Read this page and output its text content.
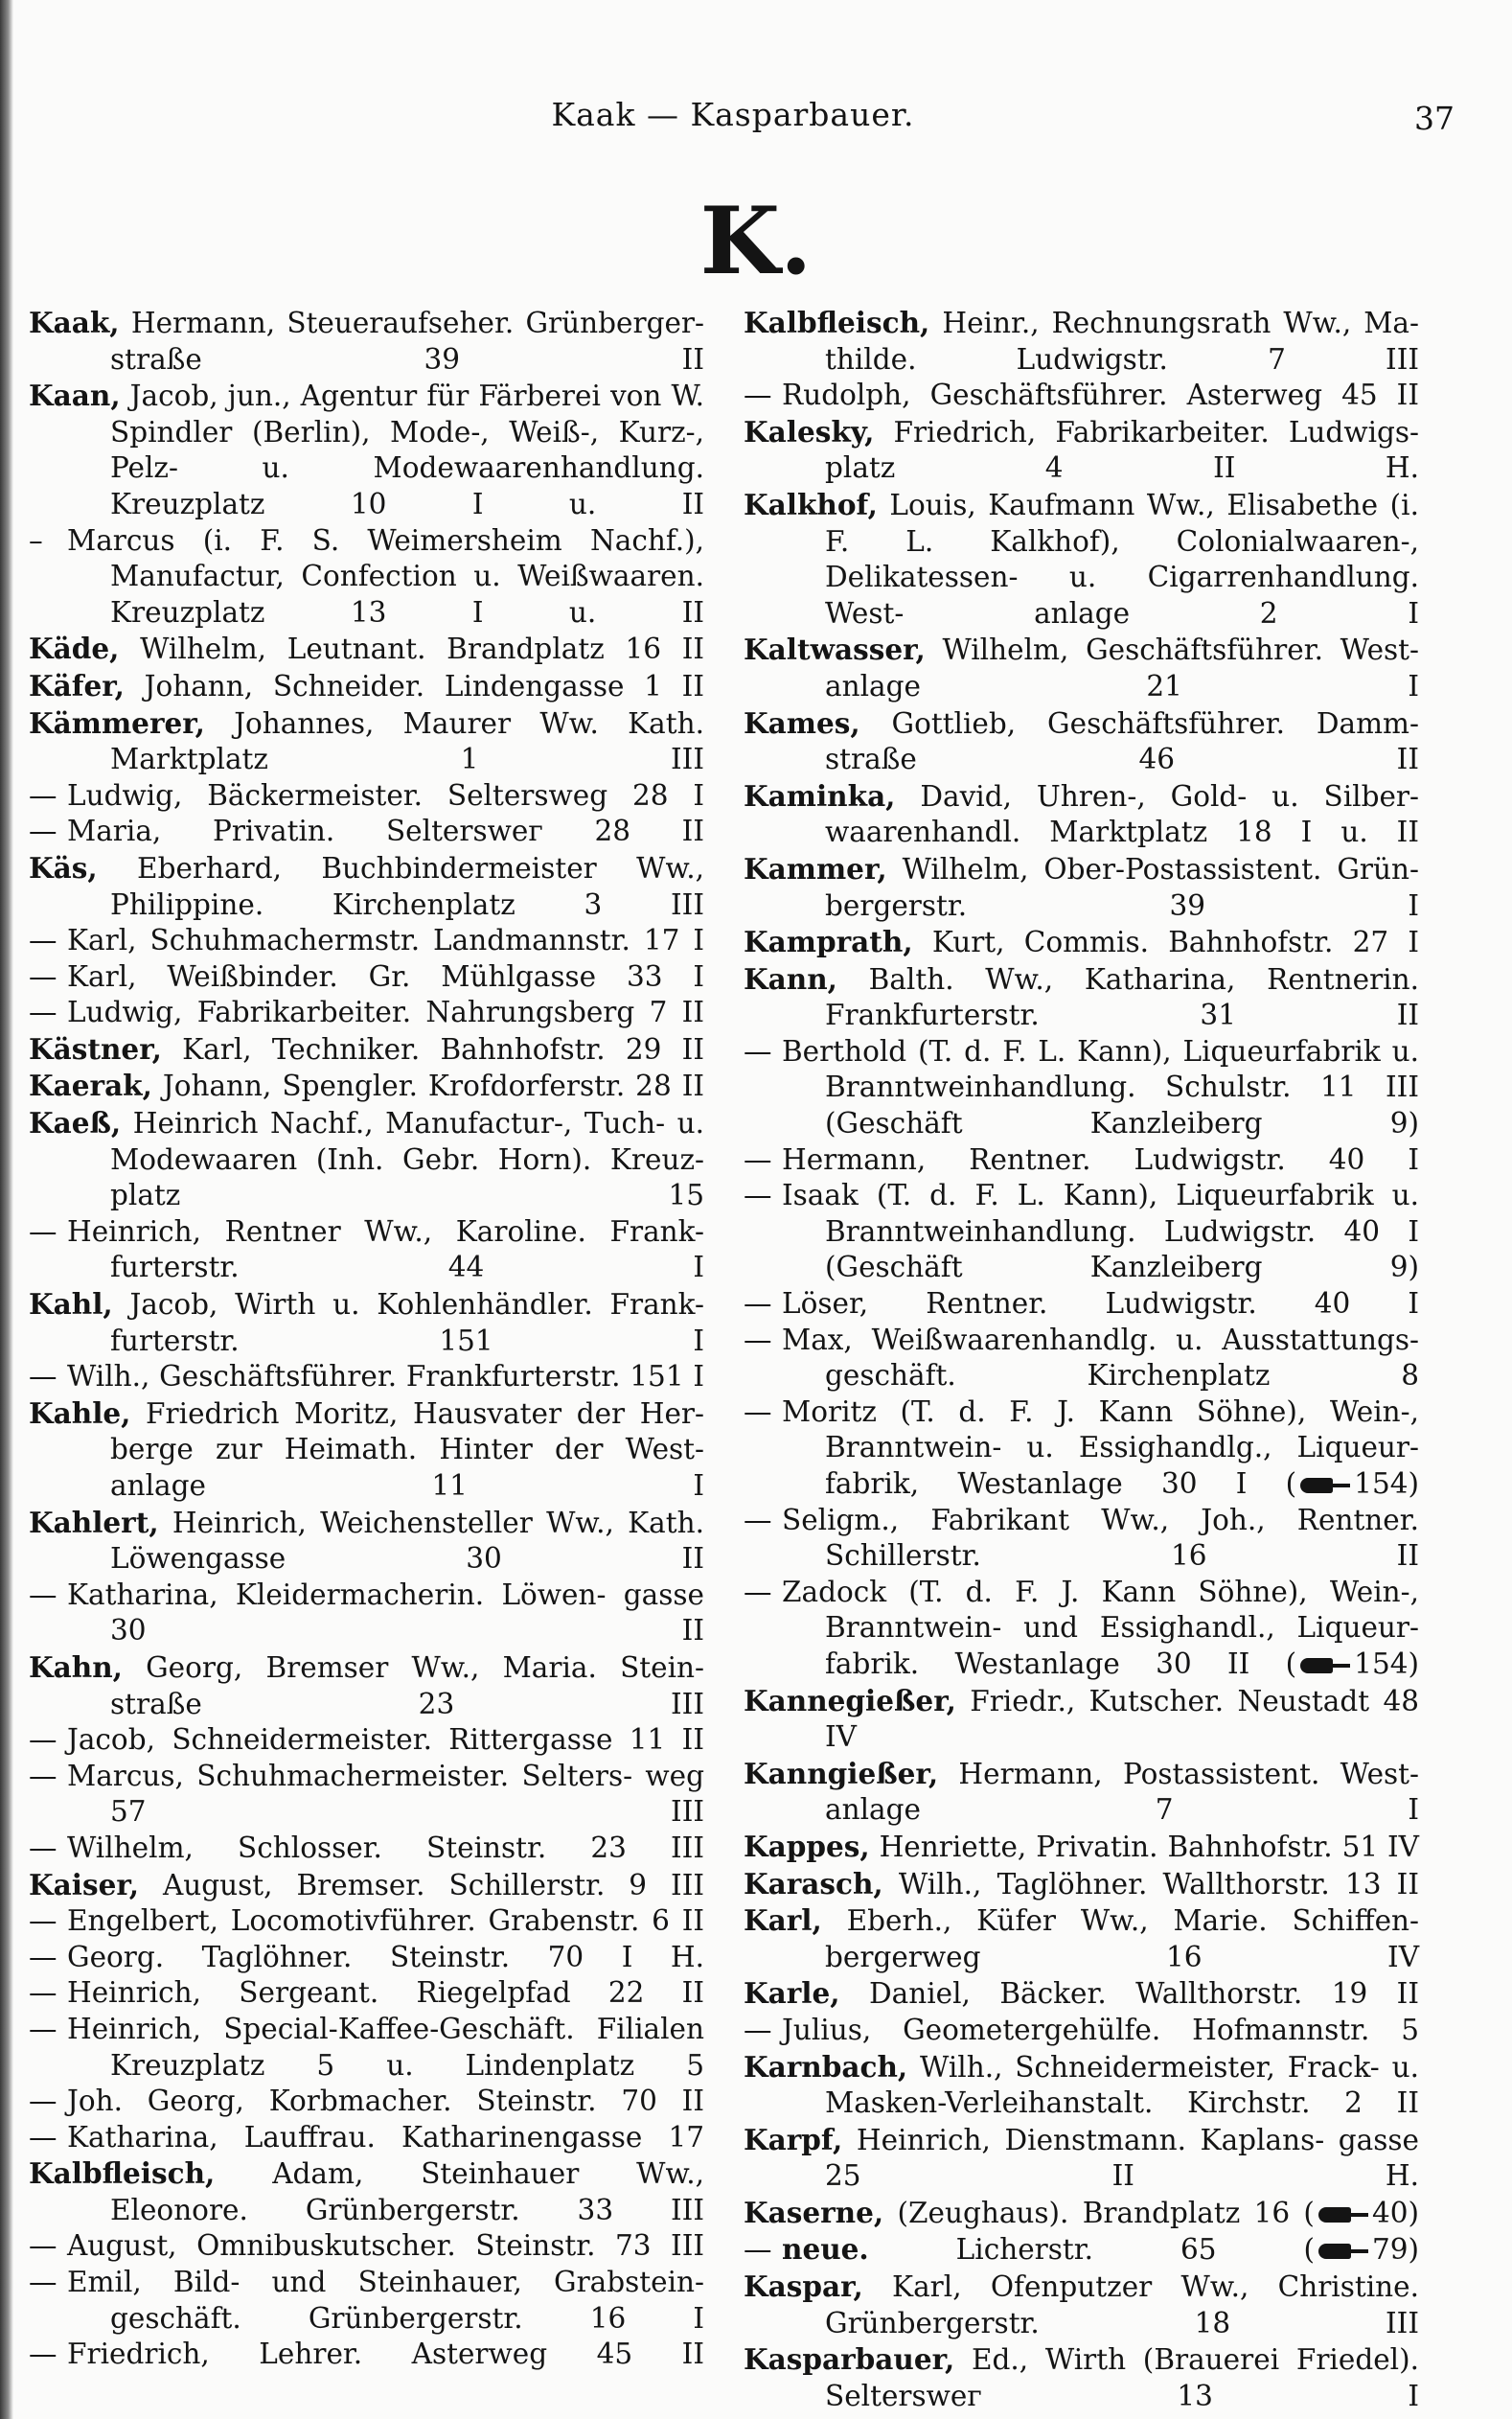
Kaak — Kasparbauer.	37
K.
Kaak, Hermann, Steueraufseher. Grünberger- straße 39 II
Kaan, Jacob, jun., Agentur für Färberei von W. Spindler (Berlin), Mode-, Weiß-, Kurz-, Pelz- u. Modewaarenhandlung. Kreuzplatz 10 I u. II
– Marcus (i. F. S. Weimersheim Nachf.), Manufactur, Confection u. Weißwaaren. Kreuzplatz 13 I u. II
Käde, Wilhelm, Leutnant. Brandplatz 16 II
Käfer, Johann, Schneider. Lindengasse 1 II
Kämmerer, Johannes, Maurer Ww. Kath. Marktplatz 1 III
— Ludwig, Bäckermeister. Seltersweg 28 I
— Maria, Privatin. Selterswег 28 II
Käs, Eberhard, Buchbindermeister Ww., Philippine. Kirchenplatz 3 III
— Karl, Schuhmachermstr. Landmannstr. 17 I
— Karl, Weißbinder. Gr. Mühlgasse 33 I
— Ludwig, Fabrikarbeiter. Nahrungsberg 7 II
Kästner, Karl, Techniker. Bahnhofstr. 29 II
Kaerak, Johann, Spengler. Krofdorferstr. 28 II
Kaeß, Heinrich Nachf., Manufactur-, Tuch- u. Modewaaren (Inh. Gebr. Horn). Kreuz- platz 15
— Heinrich, Rentner Ww., Karoline. Frank- furterstr. 44 I
Kahl, Jacob, Wirth u. Kohlenhändler. Frank- furterstr. 151 I
— Wilh., Geschäftsführer. Frankfurterstr. 151 I
Kahle, Friedrich Moritz, Hausvater der Her- berge zur Heimath. Hinter der West- anlage 11 I
Kahlert, Heinrich, Weichensteller Ww., Kath. Löwengasse 30 II
— Katharina, Kleidermacherin. Löwen- gasse 30 II
Kahn, Georg, Bremser Ww., Maria. Stein- straße 23 III
— Jacob, Schneidermeister. Rittergasse 11 II
— Marcus, Schuhmachermeister. Selters- weg 57 III
— Wilhelm, Schlosser. Steinstr. 23 III
Kaiser, August, Bremser. Schillerstr. 9 III
— Engelbert, Locomotivführer. Grabenstr. 6 II
— Georg. Taglöhner. Steinstr. 70 I H.
— Heinrich, Sergeant. Riegelpfad 22 II
— Heinrich, Special-Kaffee-Geschäft. Filialen Kreuzplatz 5 u. Lindenplatz 5
— Joh. Georg, Korbmacher. Steinstr. 70 II
— Katharina, Lauffrau. Katharinengasse 17
Kalbfleisch, Adam, Steinhauer Ww., Eleonore. Grünbergerstr. 33 III
— August, Omnibuskutscher. Steinstr. 73 III
— Emil, Bild- und Steinhauer, Grabstein- geschäft. Grünbergerstr. 16 I
— Friedrich, Lehrer. Asterweg 45 II
Kalbfleisch, Heinr., Rechnungsrath Ww., Ma- thilde. Ludwigstr. 7 III
— Rudolph, Geschäftsführer. Asterweg 45 II
Kalesky, Friedrich, Fabrikarbeiter. Ludwigs- platz 4 II H.
Kalkhof, Louis, Kaufmann Ww., Elisabethe (i. F. L. Kalkhof), Colonialwaaren-, Delikatessen- u. Cigarrenhandlung. West- anlage 2 I
Kaltwasser, Wilhelm, Geschäftsführer. West- anlage 21 I
Kames, Gottlieb, Geschäftsführer. Damm- straße 46 II
Kaminka, David, Uhren-, Gold- u. Silber- waarenhandl. Marktplatz 18 I u. II
Kammer, Wilhelm, Ober-Postassistent. Grün- bergerstr. 39 I
Kamprath, Kurt, Commis. Bahnhofstr. 27 I
Kann, Balth. Ww., Katharina, Rentnerin. Frankfurterstr. 31 II
— Berthold (T. d. F. L. Kann), Liqueurfabrik u. Branntweinhandlung. Schulstr. 11 III (Geschäft Kanzleiberg 9)
— Hermann, Rentner. Ludwigstr. 40 I
— Isaak (T. d. F. L. Kann), Liqueurfabrik u. Branntweinhandlung. Ludwigstr. 40 I (Geschäft Kanzleiberg 9)
— Löser, Rentner. Ludwigstr. 40 I
— Max, Weißwaarenhandlg. u. Ausstattungs- geschäft. Kirchenplatz 8
— Moritz (T. d. F. J. Kann Söhne), Wein-, Branntwein- u. Essighandlg., Liqueur- fabrik, Westanlage 30 I ( 154)
— Seligm., Fabrikant Ww., Joh., Rentner. Schillerstr. 16 II
— Zadock (T. d. F. J. Kann Söhne), Wein-, Branntwein- und Essighandl., Liqueur- fabrik. Westanlage 30 II ( 154)
Kannegießer, Friedr., Kutscher. Neustadt 48 IV
Kanngießer, Hermann, Postassistent. West- anlage 7 I
Kappes, Henriette, Privatin. Bahnhofstr. 51 IV
Karasch, Wilh., Taglöhner. Wallthorstr. 13 II
Karl, Eberh., Küfer Ww., Marie. Schiffen- bergerweg 16 IV
Karle, Daniel, Bäcker. Wallthorstr. 19 II
— Julius, Geometergehülfe. Hofmannstr. 5
Karnbach, Wilh., Schneidermeister, Frack- u. Masken-Verleihanstalt. Kirchstr. 2 II
Karpf, Heinrich, Dienstmann. Kaplans- gasse 25 II H.
Kaserne, (Zeughaus). Brandplatz 16 ( 40)
— neue. Licherstr. 65 ( 79)
Kaspar, Karl, Ofenputzer Ww., Christine. Grünbergerstr. 18 III
Kasparbauer, Ed., Wirth (Brauerei Friedel). Selterswег 13 I
